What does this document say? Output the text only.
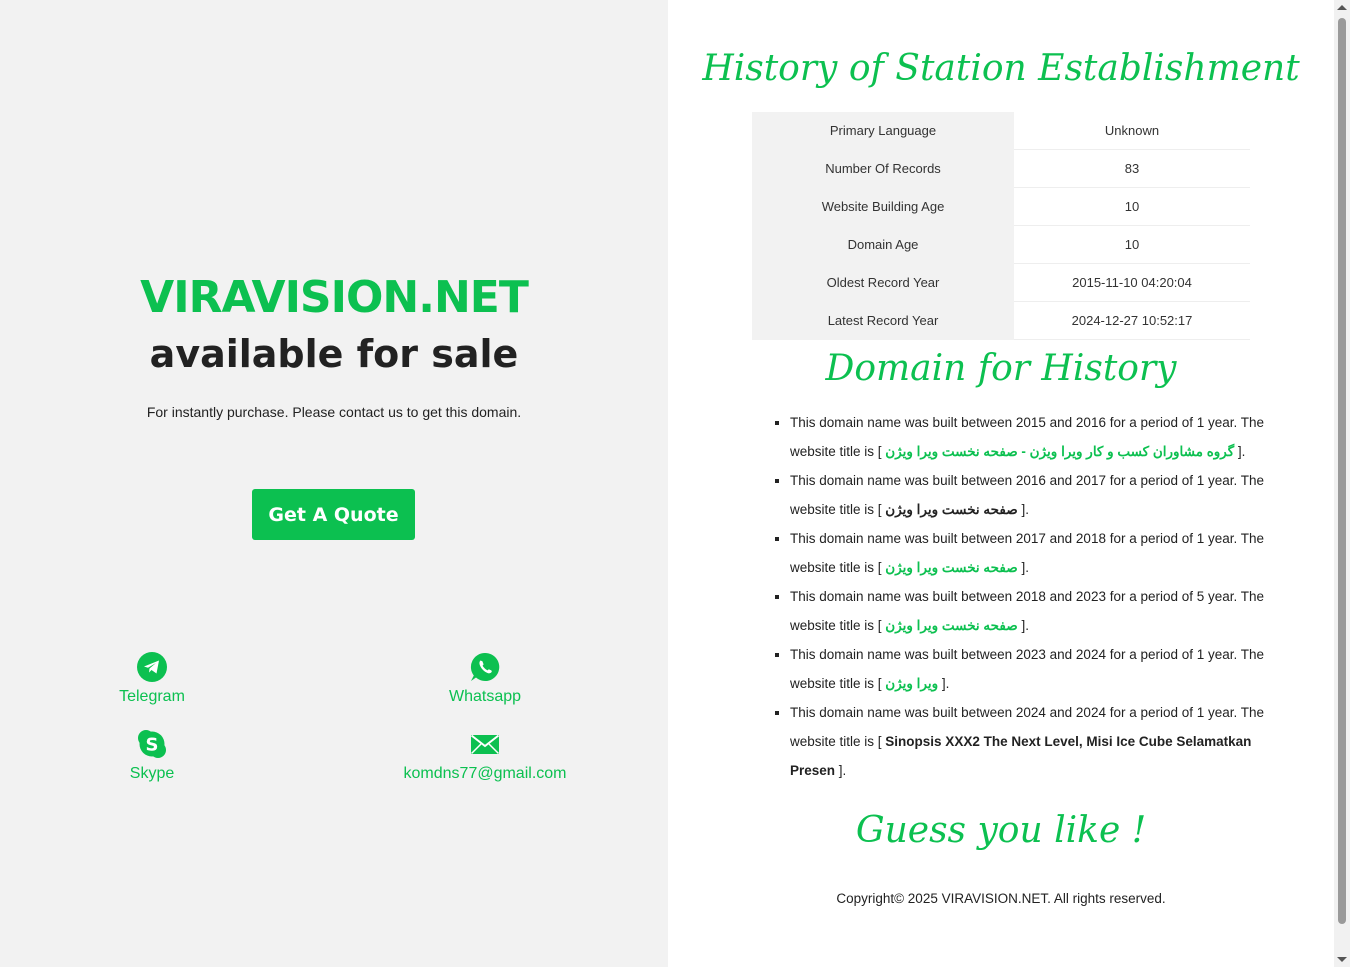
VIRAVISION.NET
available for sale

For instantly purchase. Please contact us to get this domain.

Get A Quote
Telegram	Whatsapp
S
Skype	komdns77@gmail.com
History of Station Establishment
Primary Language	Unknown
Number Of Records	83
Website Building Age	10
Domain Age	10
Oldest Record Year	2015-11-10 04:20:04
Latest Record Year	2024-12-27 10:52:17
Domain for History
▪ This domain name was built between 2015 and 2016 for a period of 1 year. The website title is [ گروه مشاوران کسب و کار ویرا ویژن - صفحه نخست ویرا ویژن ].
▪ This domain name was built between 2016 and 2017 for a period of 1 year. The website title is [ صفحه نخست ویرا ویژن ].
▪ This domain name was built between 2017 and 2018 for a period of 1 year. The website title is [ صفحه نخست ویرا ویژن ].
▪ This domain name was built between 2018 and 2023 for a period of 5 year. The website title is [ صفحه نخست ویرا ویژن ].
▪ This domain name was built between 2023 and 2024 for a period of 1 year. The website title is [ ویرا ویژن ].
▪ This domain name was built between 2024 and 2024 for a period of 1 year. The website title is [ Sinopsis XXX2 The Next Level, Misi Ice Cube Selamatkan Presen ].
Guess you like !

Copyright© 2025 VIRAVISION.NET. All rights reserved.
